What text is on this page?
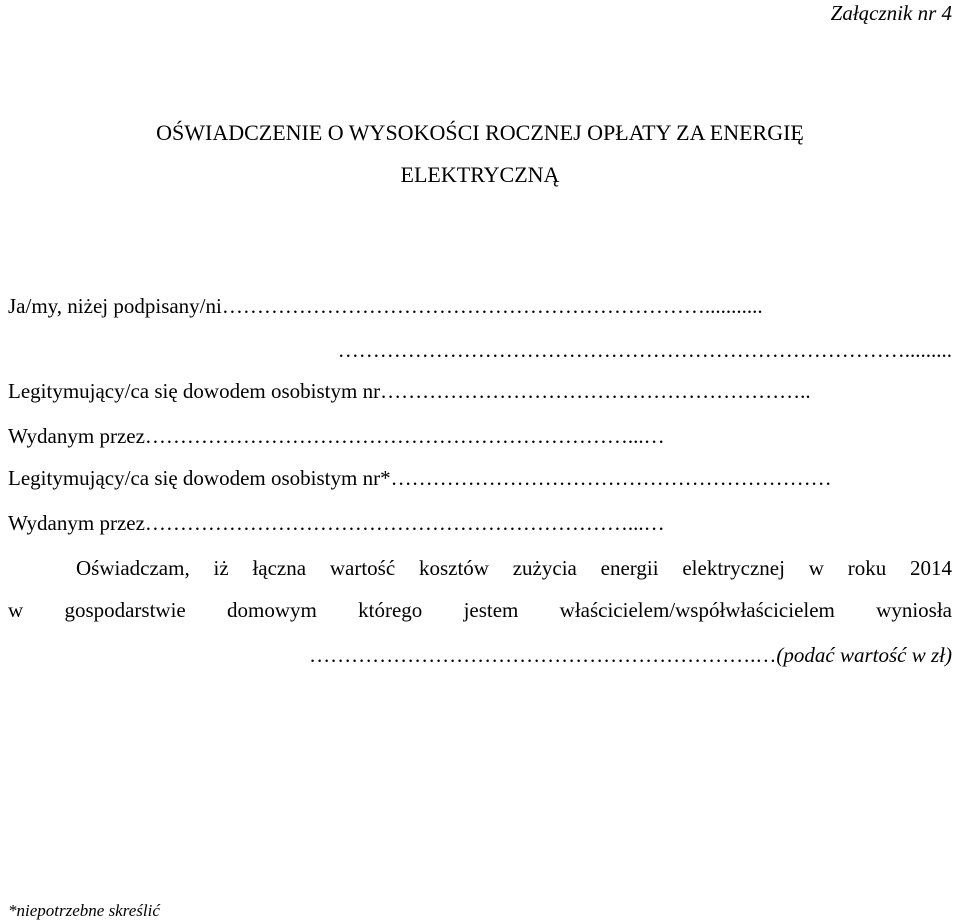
Załącznik nr 4
OŚWIADCZENIE O WYSOKOŚCI ROCZNEJ OPŁATY ZA ENERGIĘ
ELEKTRYCZNĄ
Ja/my, niżej podpisany/ni……………………………………………………………...........
……………………………………………………………………….........
Legitymujący/ca się dowodem osobistym nr……………………………………………………..
Wydanym przez……………………………………………………………...…
Legitymujący/ca się dowodem osobistym nr*………………………………………………………
Wydanym przez……………………………………………………………...…
Oświadczam, iż łączna wartość kosztów zużycia energii elektrycznej w roku 2014
w gospodarstwie domowym którego jestem właścicielem/współwłaścicielem wyniosła
……………………………………………………….…(podać wartość w zł)
*niepotrzebne skreślić
